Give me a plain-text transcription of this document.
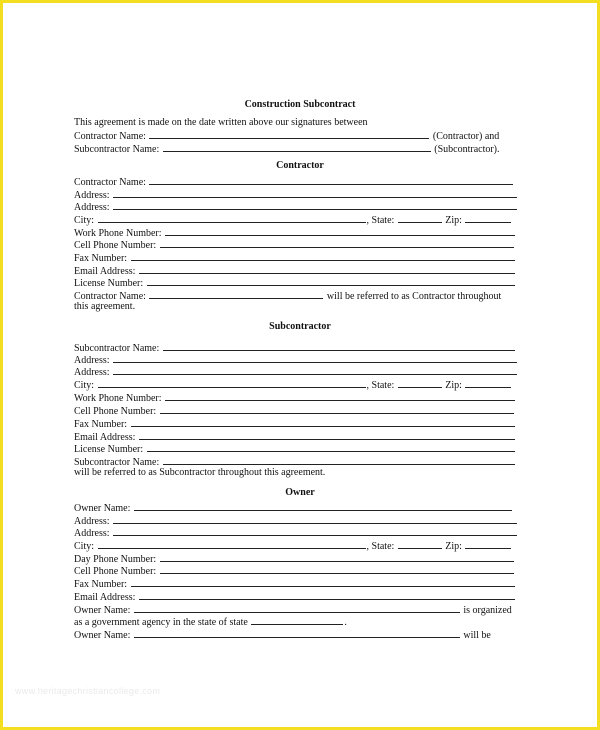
Construction Subcontract
This agreement is made on the date written above our signatures between
Contractor Name:	(Contractor) and
Subcontractor Name:	(Subcontractor).
Contractor
Contractor Name:
Address:
Address:
City:	, State:	Zip:
Work Phone Number:
Cell Phone Number:
Fax Number:
Email Address:
License Number:
Contractor Name:	will be referred to as Contractor throughout
this agreement.
Subcontractor
Subcontractor Name:
Address:
Address:
City:	, State:	Zip:
Work Phone Number:
Cell Phone Number:
Fax Number:
Email Address:
License Number:
Subcontractor Name:
will be referred to as Subcontractor throughout this agreement.
Owner
Owner Name:
Address:
Address:
City:	, State:	Zip:
Day Phone Number:
Cell Phone Number:
Fax Number:
Email Address:
Owner Name:	is organized
as a government agency in the state of state	.
Owner Name:	will be
www.heritagechristiancollege.com
